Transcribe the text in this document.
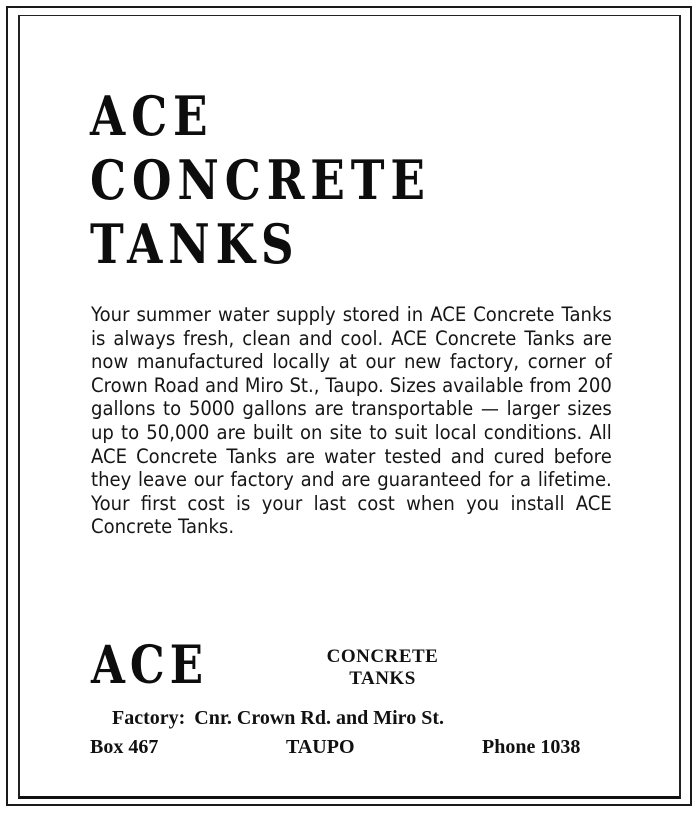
ACE
CONCRETE
TANKS

Your summer water supply stored in ACE Concrete Tanks is always fresh, clean and cool. ACE Concrete Tanks are now manufactured locally at our new factory, corner of Crown Road and Miro St., Taupo. Sizes available from 200 gallons to 5000 gallons are transportable — larger sizes up to 50,000 are built on site to suit local conditions. All ACE Concrete Tanks are water tested and cured before they leave our factory and are guaranteed for a lifetime. Your first cost is your last cost when you install ACE Concrete Tanks.

ACE	CONCRETE
TANKS
Factory: Cnr. Crown Rd. and Miro St.
Box 467	TAUPO	Phone 1038
